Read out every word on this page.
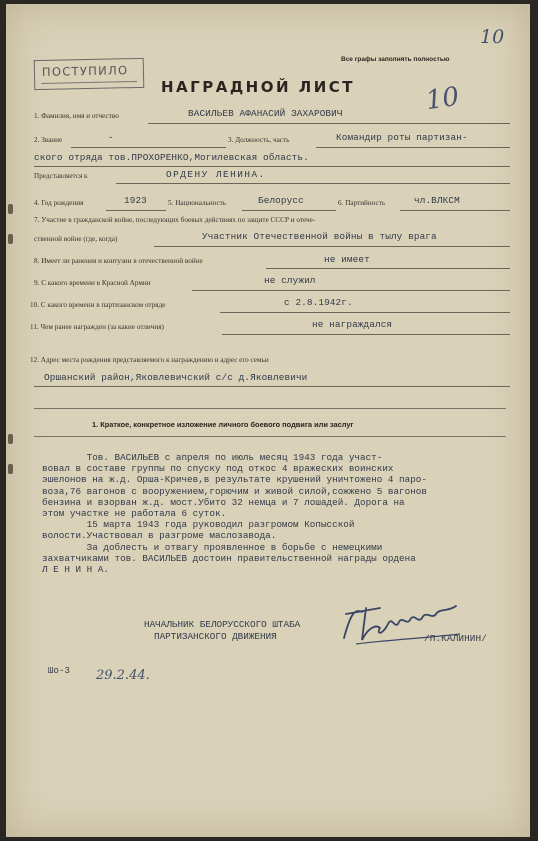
10
Все графы заполнять полностью
ПОСТУПИЛО
НАГРАДНОЙ ЛИСТ	10
1. Фамилия, имя и отчество	ВАСИЛЬЕВ АФАНАСИЙ ЗАХАРОВИЧ
2. Звание	-	3. Должность, часть	Командир роты партизан-
ского отряда тов.ПРОХОРЕНКО,Могилевская область.
Представляется к	ОРДЕНУ ЛЕНИНА.
4. Год рождения	1923	5. Национальность	Белорусс	6. Партийность	чл.ВЛКСМ
7. Участие в гражданской войне, последующих боевых действиях по защите СССР и отече-
ственной войне (где, когда)	Участник Отечественной войны в тылу врага
8. Имеет ли ранения и контузии в отечественной войне	не имеет
9. С какого времени в Красной Армии	не служил
10. С какого времени в партизанском отряде	с 2.8.1942г.
11. Чем ранее награжден (за какие отличия)	не награждался
12. Адрес места рождения представляемого к награждению и адрес его семьи
Оршанский район,Яковлевичский с/с д.Яковлевичи
1. Краткое, конкретное изложение личного боевого подвига или заслуг
Тов. ВАСИЛЬЕВ с апреля по июль месяц 1943 года участ-
вовал в составе группы по спуску под откос 4 вражеских воинских
эшелонов на ж.д. Орша-Кричев,в результате крушений уничтожено 4 паро-
воза,76 вагонов с вооружением,горючим и живой силой,сожжено 5 вагонов
бензина и взорван ж.д. мост.Убито 32 немца и 7 лошадей. Дорога на
этом участке не работала 6 суток.
15 марта 1943 года руководил разгромом Копысской
волости.Участвовал в разгроме маслозавода.
За доблесть и отвагу проявленное в борьбе с немецкими
захватчиками тов. ВАСИЛЬЕВ достоин правительственной награды ордена
Л Е Н И Н А.
НАЧАЛЬНИК БЕЛОРУССКОГО ШТАБА
ПАРТИЗАНСКОГО ДВИЖЕНИЯ	/П.КАЛИНИН/
Шо-3 29.2.44.
